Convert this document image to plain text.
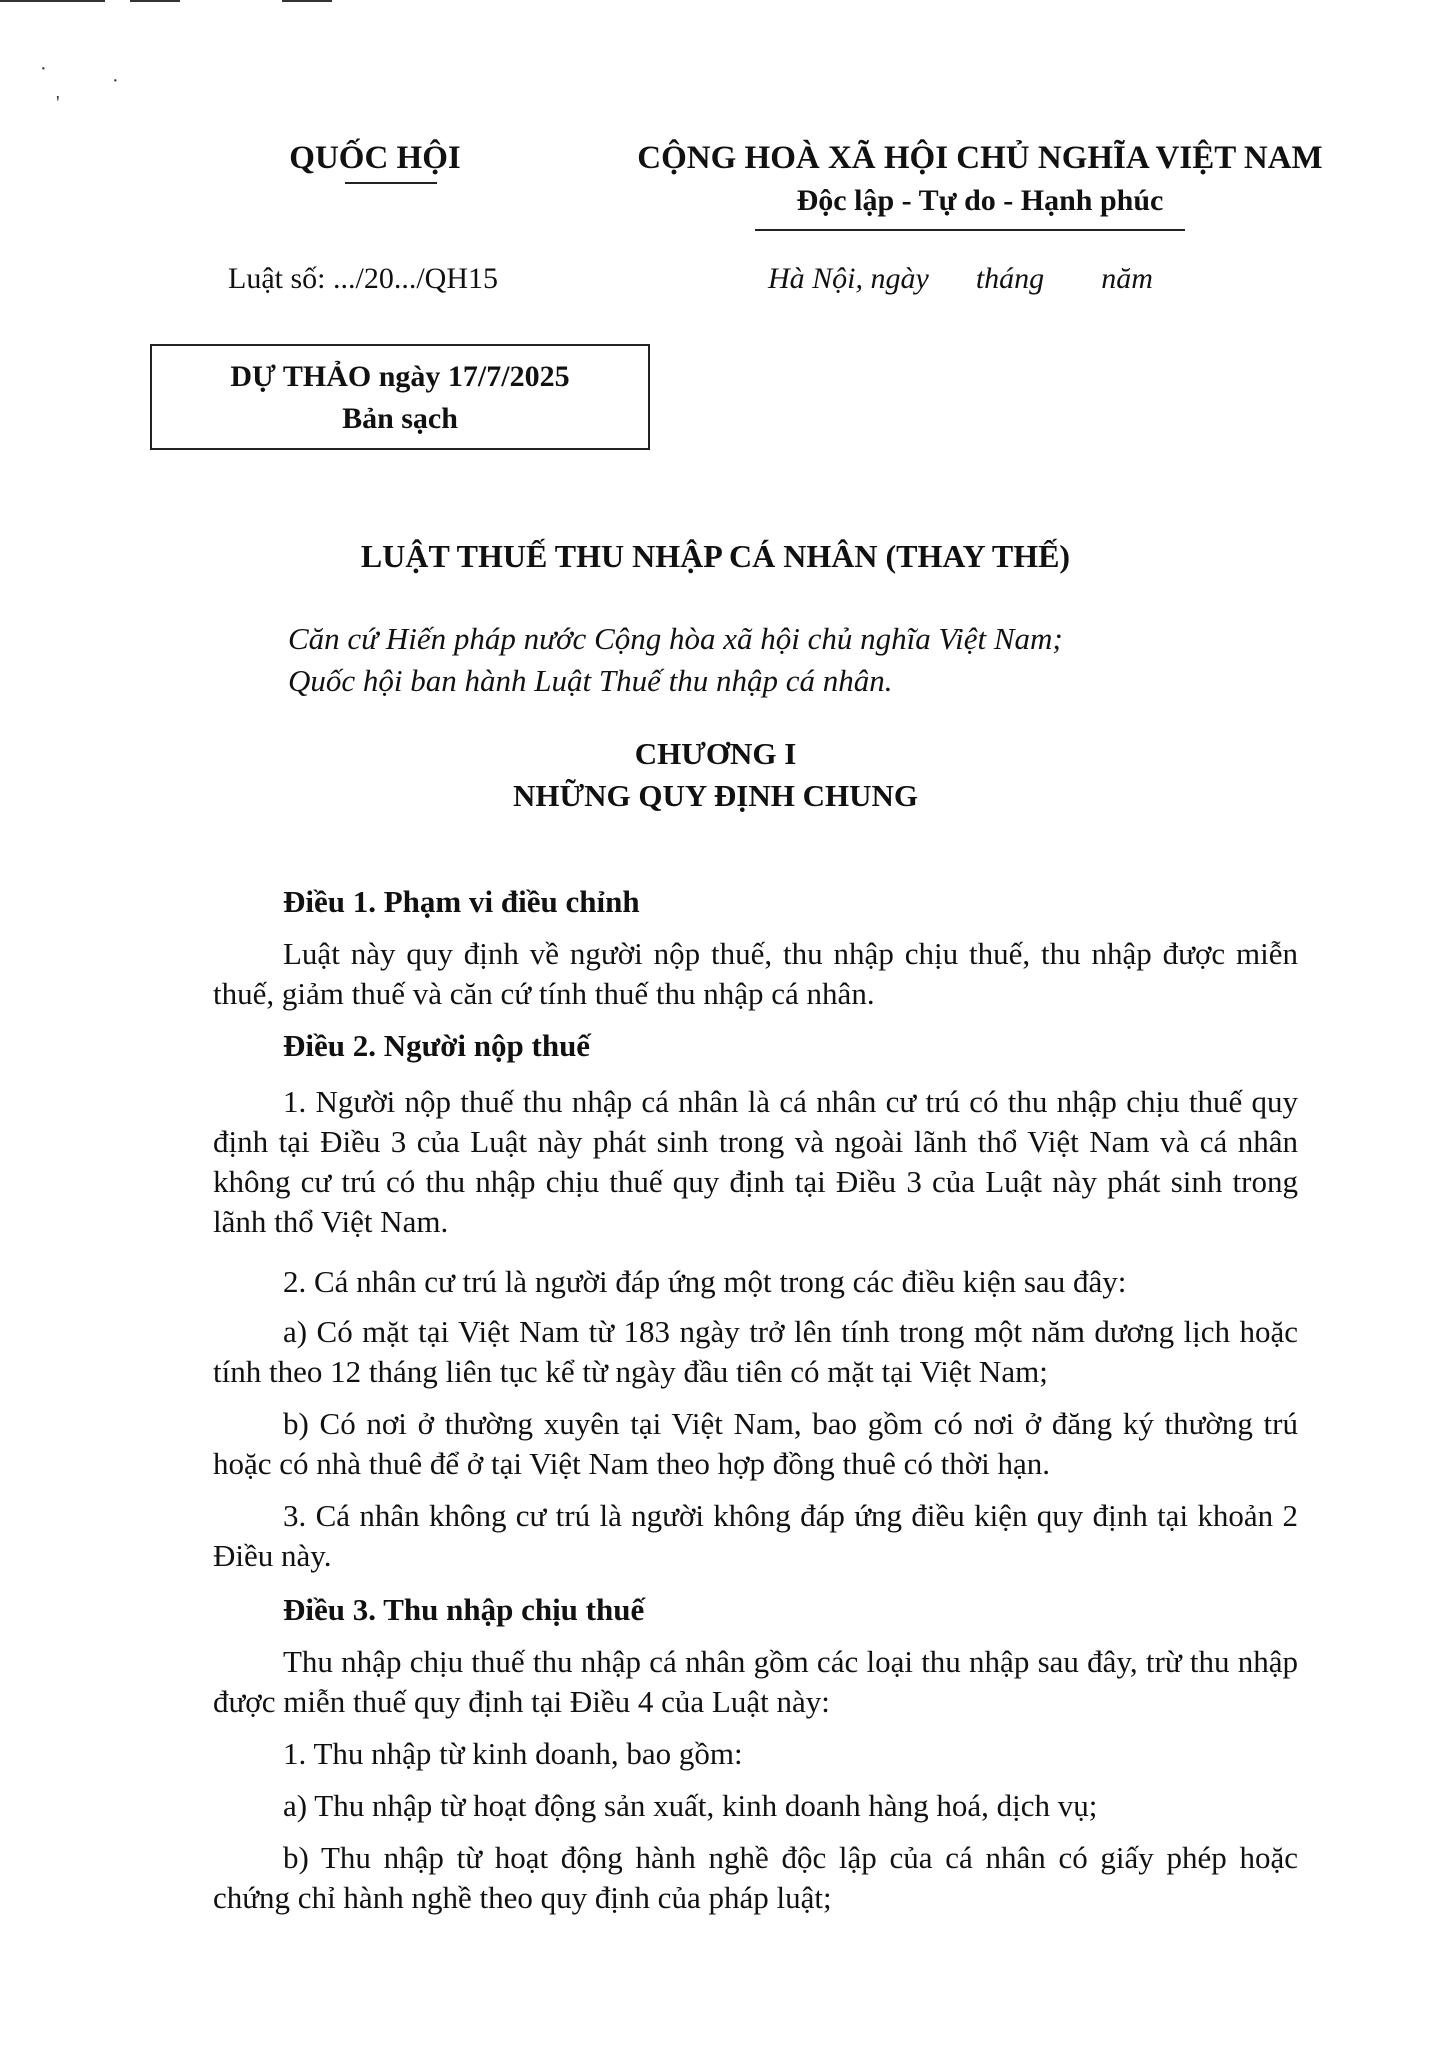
·
·
'
QUỐC HỘI	CỘNG HOÀ XÃ HỘI CHỦ NGHĨA VIỆT NAM
Độc lập - Tự do - Hạnh phúc
Luật số: .../20.../QH15	Hà Nội, ngày tháng năm
DỰ THẢO ngày 17/7/2025
Bản sạch
LUẬT THUẾ THU NHẬP CÁ NHÂN (THAY THẾ)
Căn cứ Hiến pháp nước Cộng hòa xã hội chủ nghĩa Việt Nam;
Quốc hội ban hành Luật Thuế thu nhập cá nhân.
CHƯƠNG I
NHỮNG QUY ĐỊNH CHUNG
Điều 1. Phạm vi điều chỉnh
Luật này quy định về người nộp thuế, thu nhập chịu thuế, thu nhập được miễn thuế, giảm thuế và căn cứ tính thuế thu nhập cá nhân.
Điều 2. Người nộp thuế
1. Người nộp thuế thu nhập cá nhân là cá nhân cư trú có thu nhập chịu thuế quy định tại Điều 3 của Luật này phát sinh trong và ngoài lãnh thổ Việt Nam và cá nhân không cư trú có thu nhập chịu thuế quy định tại Điều 3 của Luật này phát sinh trong lãnh thổ Việt Nam.
2. Cá nhân cư trú là người đáp ứng một trong các điều kiện sau đây:
a) Có mặt tại Việt Nam từ 183 ngày trở lên tính trong một năm dương lịch hoặc tính theo 12 tháng liên tục kể từ ngày đầu tiên có mặt tại Việt Nam;
b) Có nơi ở thường xuyên tại Việt Nam, bao gồm có nơi ở đăng ký thường trú hoặc có nhà thuê để ở tại Việt Nam theo hợp đồng thuê có thời hạn.
3. Cá nhân không cư trú là người không đáp ứng điều kiện quy định tại khoản 2 Điều này.
Điều 3. Thu nhập chịu thuế
Thu nhập chịu thuế thu nhập cá nhân gồm các loại thu nhập sau đây, trừ thu nhập được miễn thuế quy định tại Điều 4 của Luật này:
1. Thu nhập từ kinh doanh, bao gồm:
a) Thu nhập từ hoạt động sản xuất, kinh doanh hàng hoá, dịch vụ;
b) Thu nhập từ hoạt động hành nghề độc lập của cá nhân có giấy phép hoặc chứng chỉ hành nghề theo quy định của pháp luật;
